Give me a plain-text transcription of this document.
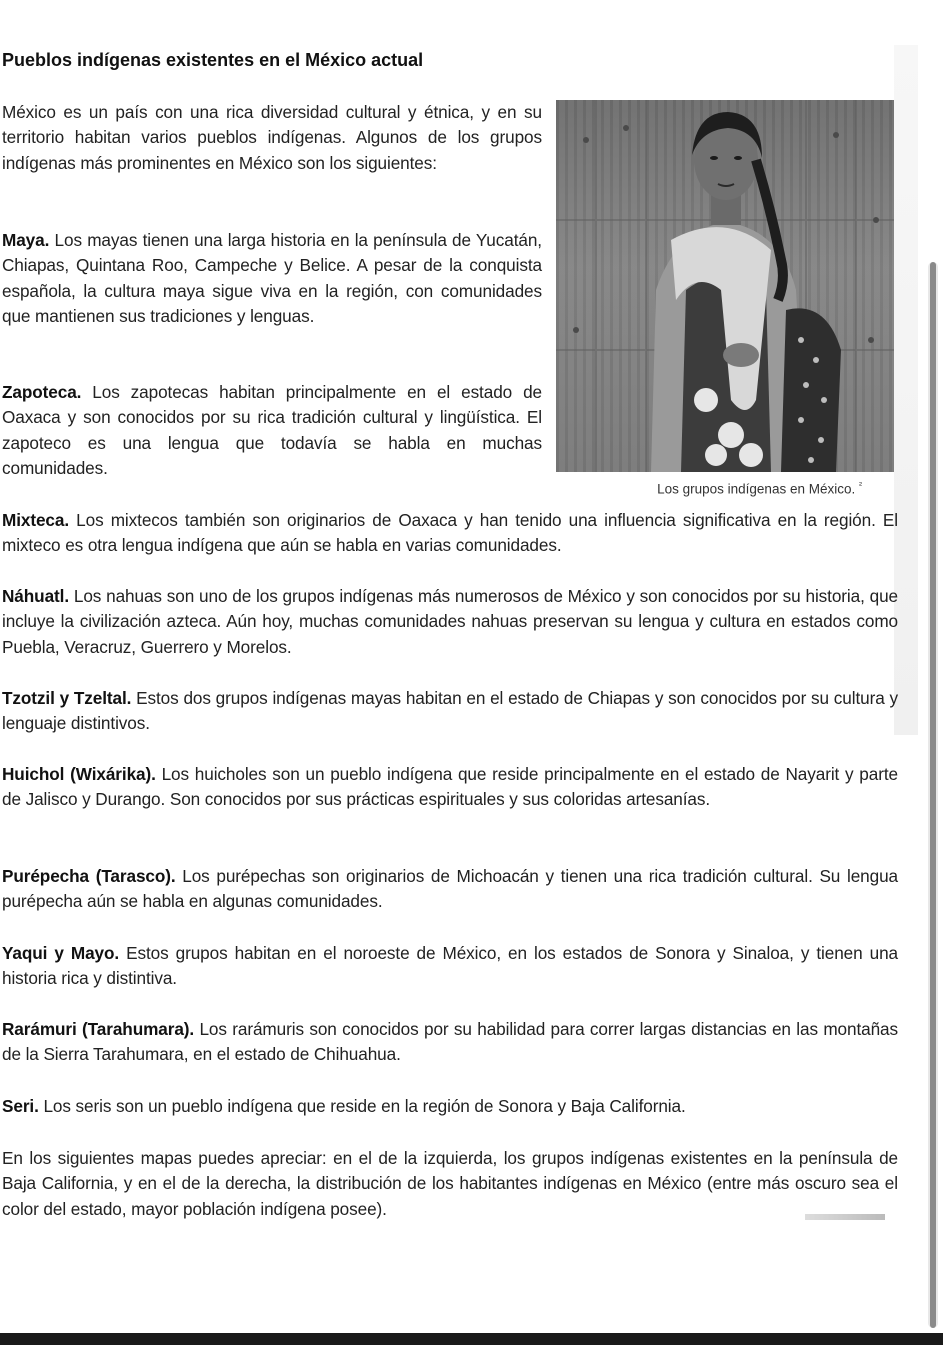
Pueblos indígenas existentes en el México actual

México es un país con una rica diversidad cultural y étnica, y en su territorio habitan varios pueblos indígenas. Algunos de los grupos indígenas más prominentes en México son los siguientes:

Maya. Los mayas tienen una larga historia en la península de Yucatán, Chiapas, Quintana Roo, Campeche y Belice. A pesar de la conquista española, la cultura maya sigue viva en la región, con comunidades que mantienen sus tradiciones y lenguas.

Zapoteca. Los zapotecas habitan principalmente en el estado de Oaxaca y son conocidos por su rica tradición cultural y lingüística. El zapoteco es una lengua que todavía se habla en muchas comunidades.

Los grupos indígenas en México. $^{^2}$

Mixteca. Los mixtecos también son originarios de Oaxaca y han tenido una influencia significativa en la región. El mixteco es otra lengua indígena que aún se habla en varias comunidades.

Náhuatl. Los nahuas son uno de los grupos indígenas más numerosos de México y son conocidos por su historia, que incluye la civilización azteca. Aún hoy, muchas comunidades nahuas preservan su lengua y cultura en estados como Puebla, Veracruz, Guerrero y Morelos.

Tzotzil y Tzeltal. Estos dos grupos indígenas mayas habitan en el estado de Chiapas y son conocidos por su cultura y lenguaje distintivos.

Huichol (Wixárika). Los huicholes son un pueblo indígena que reside principalmente en el estado de Nayarit y parte de Jalisco y Durango. Son conocidos por sus prácticas espirituales y sus coloridas artesanías.

Purépecha (Tarasco). Los purépechas son originarios de Michoacán y tienen una rica tradición cultural. Su lengua purépecha aún se habla en algunas comunidades.

Yaqui y Mayo. Estos grupos habitan en el noroeste de México, en los estados de Sonora y Sinaloa, y tienen una historia rica y distintiva.

Rarámuri (Tarahumara). Los rarámuris son conocidos por su habilidad para correr largas distancias en las montañas de la Sierra Tarahumara, en el estado de Chihuahua.

Seri. Los seris son un pueblo indígena que reside en la región de Sonora y Baja California.

En los siguientes mapas puedes apreciar: en el de la izquierda, los grupos indígenas existentes en la península de Baja California, y en el de la derecha, la distribución de los habitantes indígenas en México (entre más oscuro sea el color del estado, mayor población indígena posee).
